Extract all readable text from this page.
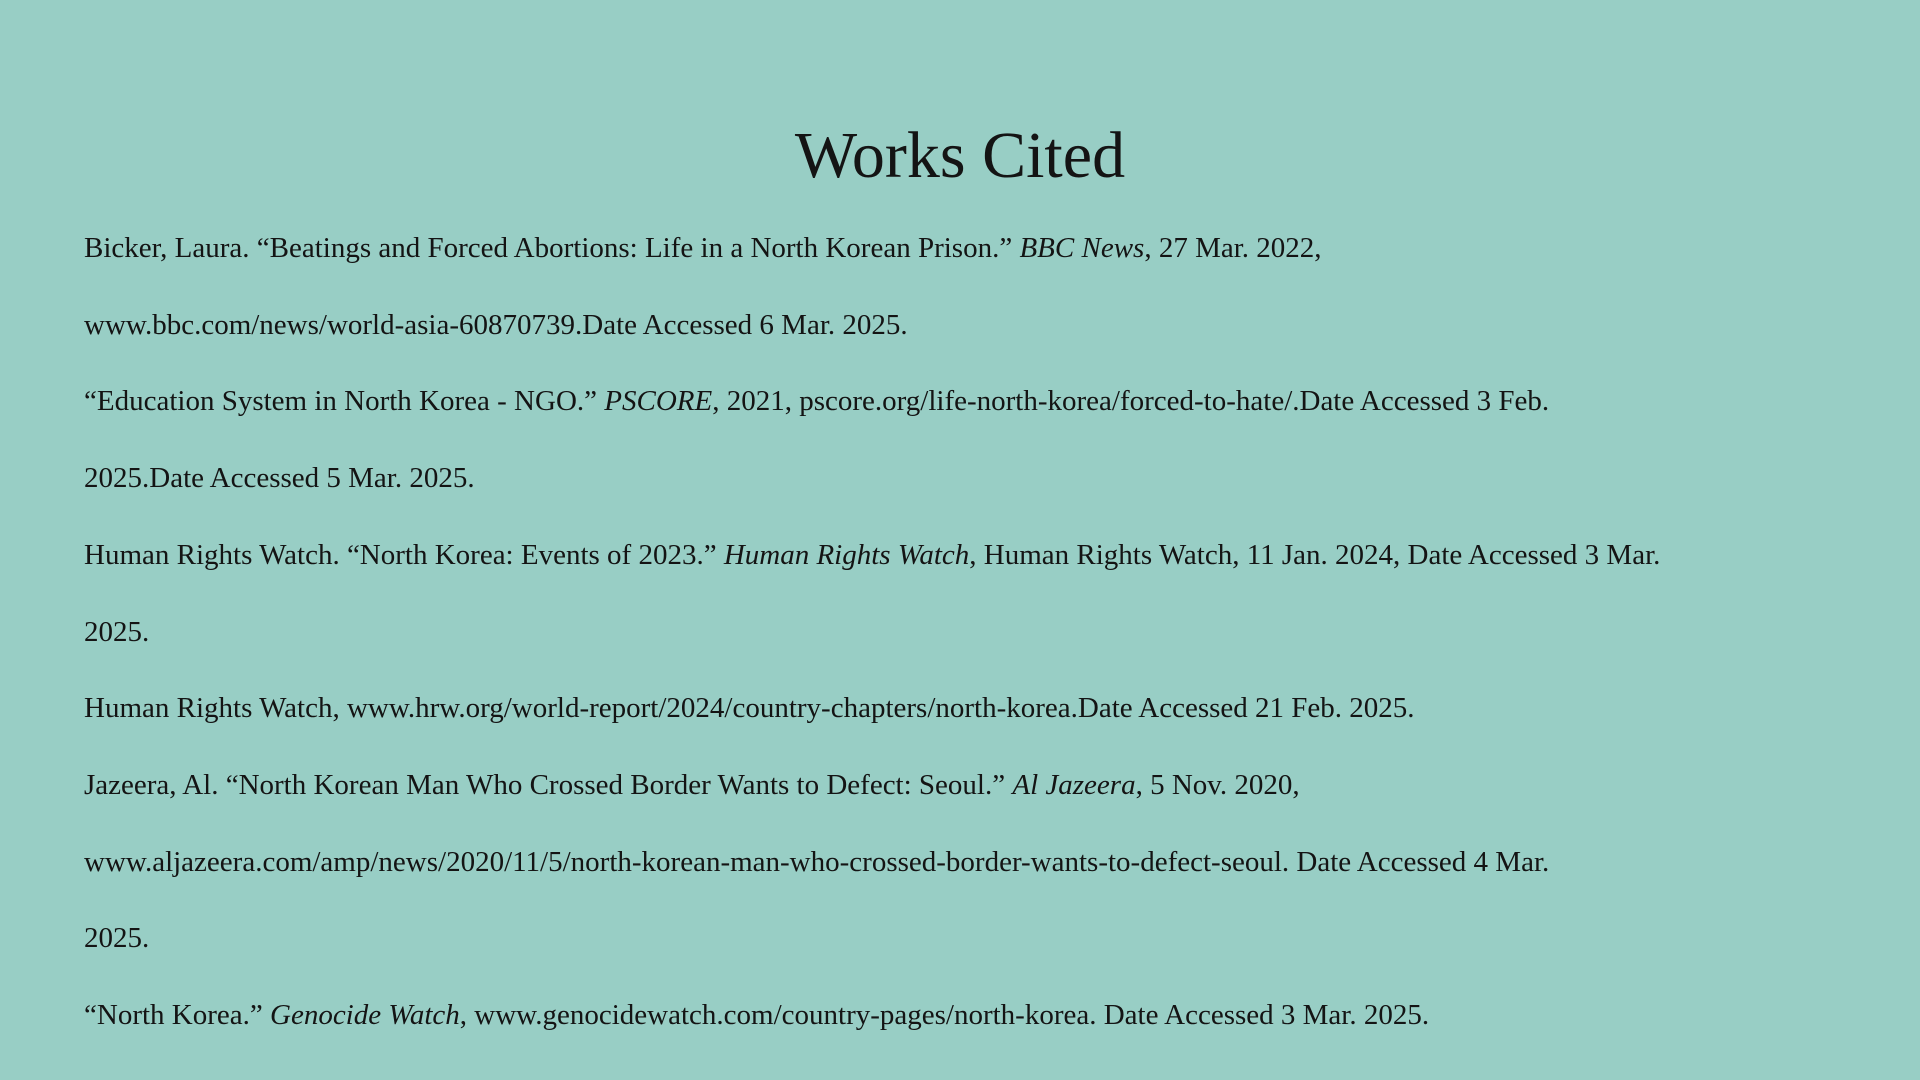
Works Cited

Bicker, Laura. “Beatings and Forced Abortions: Life in a North Korean Prison.” BBC News, 27 Mar. 2022,
www.bbc.com/news/world-asia-60870739.Date Accessed 6 Mar. 2025.

“Education System in North Korea - NGO.” PSCORE, 2021, pscore.org/life-north-korea/forced-to-hate/.Date Accessed 3 Feb.
2025.Date Accessed 5 Mar. 2025.

Human Rights Watch. “North Korea: Events of 2023.” Human Rights Watch, Human Rights Watch, 11 Jan. 2024, Date Accessed 3 Mar.
2025.

Human Rights Watch, www.hrw.org/world-report/2024/country-chapters/north-korea.Date Accessed 21 Feb. 2025.

Jazeera, Al. “North Korean Man Who Crossed Border Wants to Defect: Seoul.” Al Jazeera, 5 Nov. 2020,
www.aljazeera.com/amp/news/2020/11/5/north-korean-man-who-crossed-border-wants-to-defect-seoul. Date Accessed 4 Mar.
2025.

“North Korea.” Genocide Watch, www.genocidewatch.com/country-pages/north-korea. Date Accessed 3 Mar. 2025.
